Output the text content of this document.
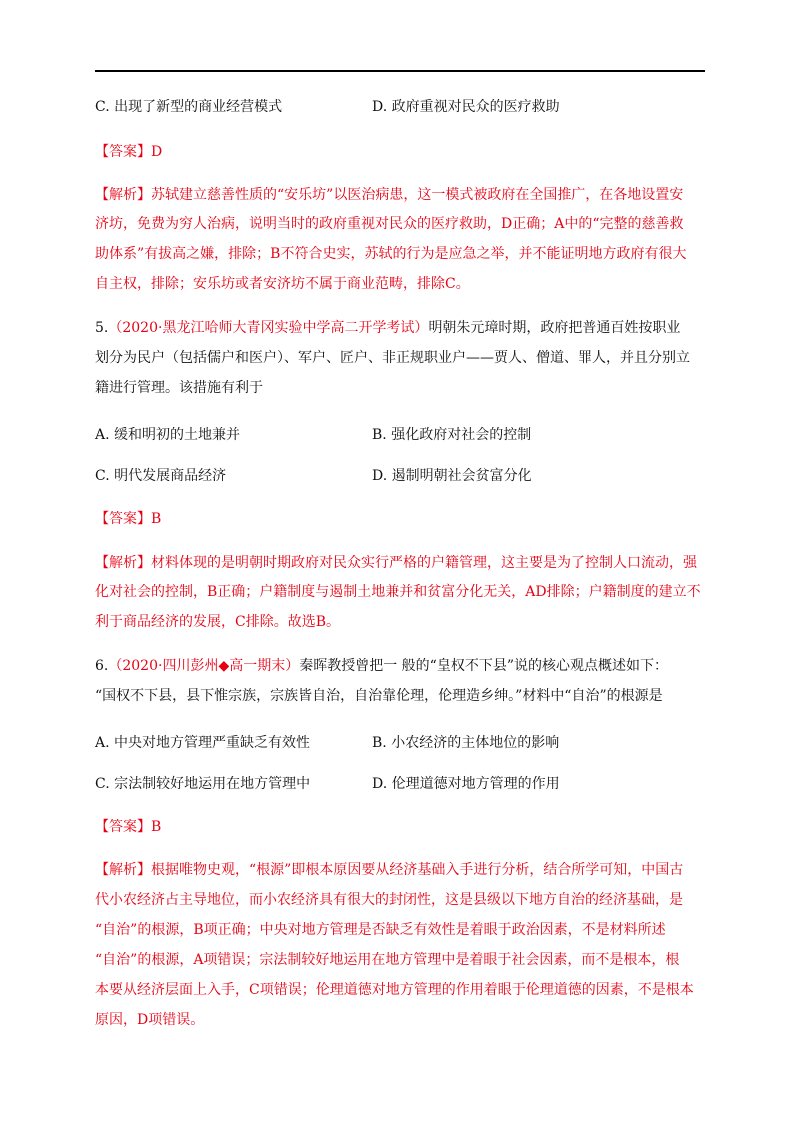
C. 出现了新型的商业经营模式	D. 政府重视对民众的医疗救助
【答案】D
【解析】苏轼建立慈善性质的“安乐坊”以医治病患，这一模式被政府在全国推广，在各地设置安
济坊，免费为穷人治病，说明当时的政府重视对民众的医疗救助，D正确；A中的“完整的慈善救
助体系”有拔高之嫌，排除；B不符合史实，苏轼的行为是应急之举，并不能证明地方政府有很大
自主权，排除；安乐坊或者安济坊不属于商业范畴，排除C。
5.（2020·黑龙江哈师大青冈实验中学高二开学考试）明朝朱元璋时期，政府把普通百姓按职业
划分为民户（包括儒户和医户）、军户、匠户、非正规职业户——贾人、僧道、罪人，并且分别立
籍进行管理。该措施有利于
A. 缓和明初的土地兼并	B. 强化政府对社会的控制
C. 明代发展商品经济	D. 遏制明朝社会贫富分化
【答案】B
【解析】材料体现的是明朝时期政府对民众实行严格的户籍管理，这主要是为了控制人口流动，强
化对社会的控制，B正确；户籍制度与遏制土地兼并和贫富分化无关，AD排除；户籍制度的建立不
利于商品经济的发展，C排除。故选B。
6.（2020·四川彭州◆高一期末）秦晖教授曾把一 般的“皇权不下县”说的核心观点概述如下：
“国权不下县，县下惟宗族，宗族皆自治，自治靠伦理，伦理造乡绅。”材料中“自治”的根源是
A. 中央对地方管理严重缺乏有效性	B. 小农经济的主体地位的影响
C. 宗法制较好地运用在地方管理中	D. 伦理道德对地方管理的作用
【答案】B
【解析】根据唯物史观，“根源”即根本原因要从经济基础入手进行分析，结合所学可知，中国古
代小农经济占主导地位，而小农经济具有很大的封闭性，这是县级以下地方自治的经济基础，是
“自治”的根源，B项正确；中央对地方管理是否缺乏有效性是着眼于政治因素，不是材料所述
“自治”的根源，A项错误；宗法制较好地运用在地方管理中是着眼于社会因素，而不是根本，根
本要从经济层面上入手，C项错误；伦理道德对地方管理的作用着眼于伦理道德的因素，不是根本
原因，D项错误。
